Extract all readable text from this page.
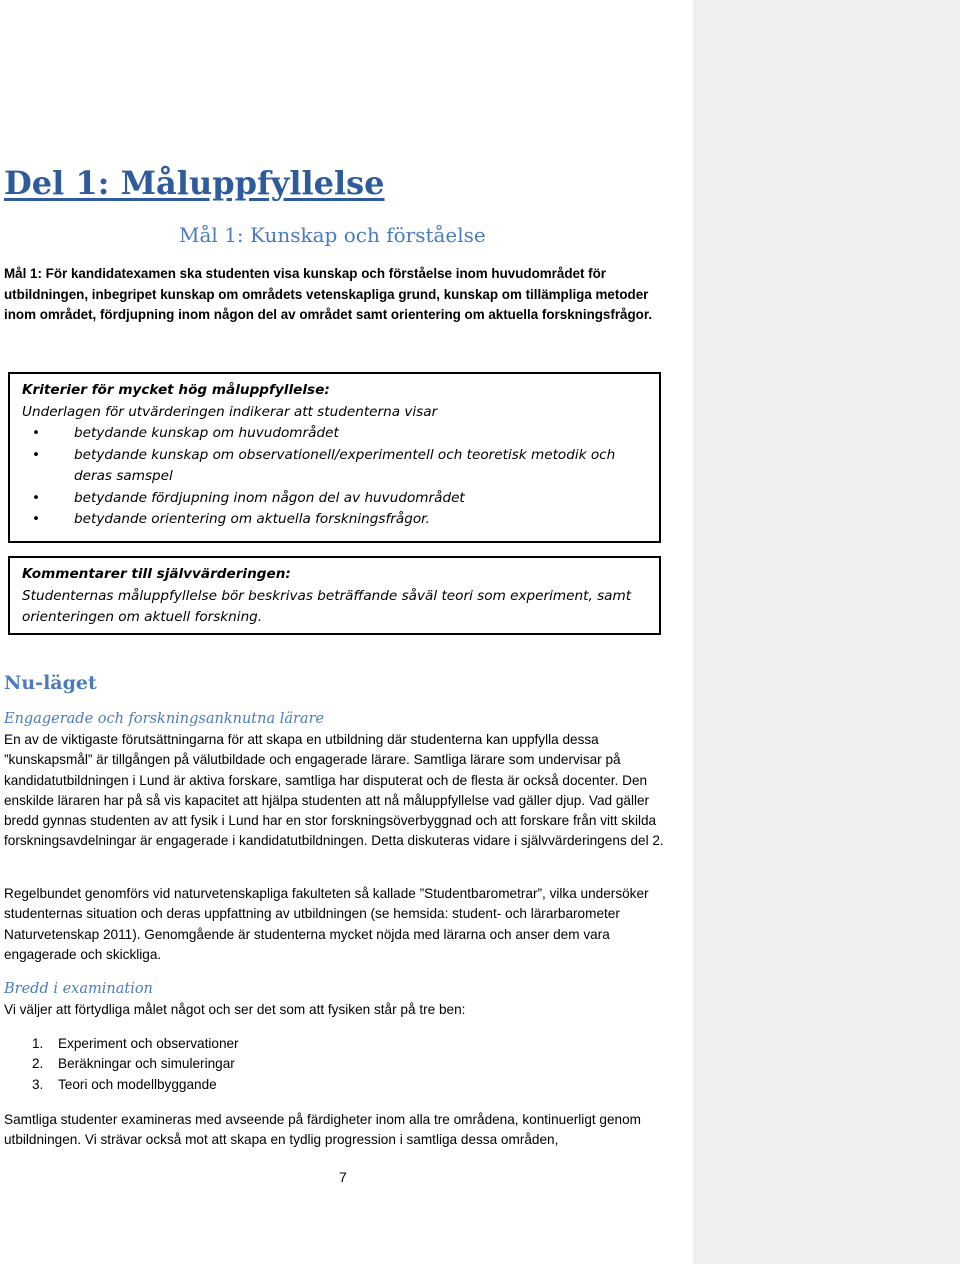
Del 1: Måluppfyllelse
Mål 1: Kunskap och förståelse

Mål 1: För kandidatexamen ska studenten visa kunskap och förståelse inom huvudområdet för utbildningen, inbegripet kunskap om områdets vetenskapliga grund, kunskap om tillämpliga metoder inom området, fördjupning inom någon del av området samt orientering om aktuella forskningsfrågor.

Kriterier för mycket hög måluppfyllelse:
Underlagen för utvärderingen indikerar att studenterna visar
• betydande kunskap om huvudområdet
• betydande kunskap om observationell/experimentell och teoretisk metodik och deras samspel
• betydande fördjupning inom någon del av huvudområdet
• betydande orientering om aktuella forskningsfrågor.
Kommentarer till självvärderingen:
Studenternas måluppfyllelse bör beskrivas beträffande såväl teori som experiment, samt orienteringen om aktuell forskning.
Nu-läget
Engagerade och forskningsanknutna lärare

En av de viktigaste förutsättningarna för att skapa en utbildning där studenterna kan uppfylla dessa ”kunskapsmål” är tillgången på välutbildade och engagerade lärare. Samtliga lärare som undervisar på kandidatutbildningen i Lund är aktiva forskare, samtliga har disputerat och de flesta är också docenter. Den enskilde läraren har på så vis kapacitet att hjälpa studenten att nå måluppfyllelse vad gäller djup. Vad gäller bredd gynnas studenten av att fysik i Lund har en stor forskningsöverbyggnad och att forskare från vitt skilda forskningsavdelningar är engagerade i kandidatutbildningen. Detta diskuteras vidare i självvärderingens del 2.

Regelbundet genomförs vid naturvetenskapliga fakulteten så kallade ”Studentbarometrar”, vilka undersöker studenternas situation och deras uppfattning av utbildningen (se hemsida: student- och lärarbarometer Naturvetenskap 2011). Genomgående är studenterna mycket nöjda med lärarna och anser dem vara engagerade och skickliga.

Bredd i examination

Vi väljer att förtydliga målet något och ser det som att fysiken står på tre ben:

1. Experiment och observationer
2. Beräkningar och simuleringar
3. Teori och modellbyggande

Samtliga studenter examineras med avseende på färdigheter inom alla tre områdena, kontinuerligt genom utbildningen. Vi strävar också mot att skapa en tydlig progression i samtliga dessa områden,

7
